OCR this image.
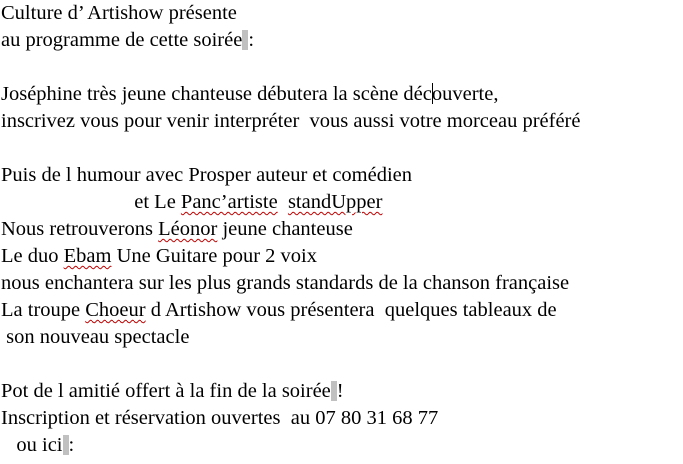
Culture d’ Artishow présente
au programme de cette soirée :
Joséphine très jeune chanteuse débutera la scène découverte,
inscrivez vous pour venir interpréter  vous aussi votre morceau préféré
Puis de l humour avec Prosper auteur et comédien
et Le Panc’artiste standUpper
Nous retrouverons Léonor jeune chanteuse
Le duo Ebam Une Guitare pour 2 voix
nous enchantera sur les plus grands standards de la chanson française
La troupe Choeur d Artishow vous présentera  quelques tableaux de
son nouveau spectacle
Pot de l amitié offert à la fin de la soirée !
Inscription et réservation ouvertes  au 07 80 31 68 77
ou ici :
